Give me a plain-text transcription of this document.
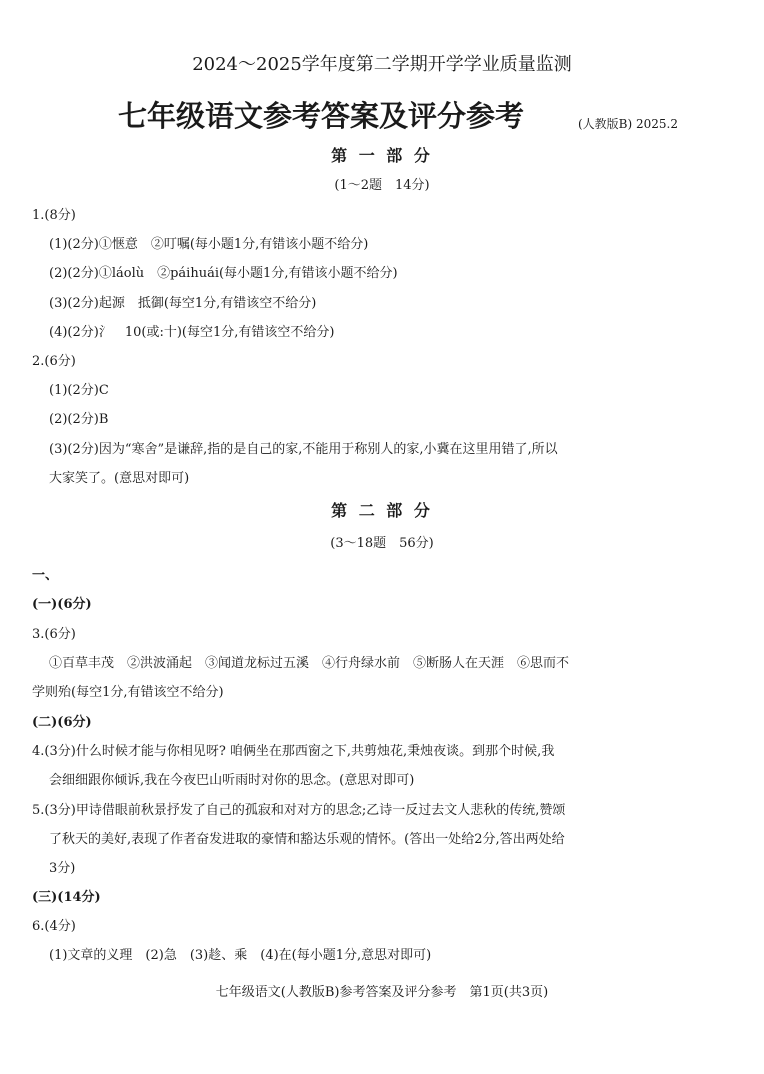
2024～2025学年度第二学期开学学业质量监测
七年级语文参考答案及评分参考	(人教版B) 2025.2
第 一 部 分
(1～2题　14分)
1.(8分)
(1)(2分)①惬意　②叮嘱(每小题1分,有错该小题不给分)
(2)(2分)①láolù　②páihuái(每小题1分,有错该小题不给分)
(3)(2分)起源　抵御(每空1分,有错该空不给分)
(4)(2分)氵　10(或:十)(每空1分,有错该空不给分)
2.(6分)
(1)(2分)C
(2)(2分)B
(3)(2分)因为“寒舍”是谦辞,指的是自己的家,不能用于称别人的家,小冀在这里用错了,所以
大家笑了。(意思对即可)
第 二 部 分
(3～18题　56分)
一、
(一)(6分)
3.(6分)
①百草丰茂　②洪波涌起　③闻道龙标过五溪　④行舟绿水前　⑤断肠人在天涯　⑥思而不
学则殆(每空1分,有错该空不给分)
(二)(6分)
4.(3分)什么时候才能与你相见呀? 咱俩坐在那西窗之下,共剪烛花,秉烛夜谈。到那个时候,我
会细细跟你倾诉,我在今夜巴山听雨时对你的思念。(意思对即可)
5.(3分)甲诗借眼前秋景抒发了自己的孤寂和对对方的思念;乙诗一反过去文人悲秋的传统,赞颂
了秋天的美好,表现了作者奋发进取的豪情和豁达乐观的情怀。(答出一处给2分,答出两处给
3分)
(三)(14分)
6.(4分)
(1)文章的义理　(2)急　(3)趁、乘　(4)在(每小题1分,意思对即可)
七年级语文(人教版B)参考答案及评分参考　第1页(共3页)
